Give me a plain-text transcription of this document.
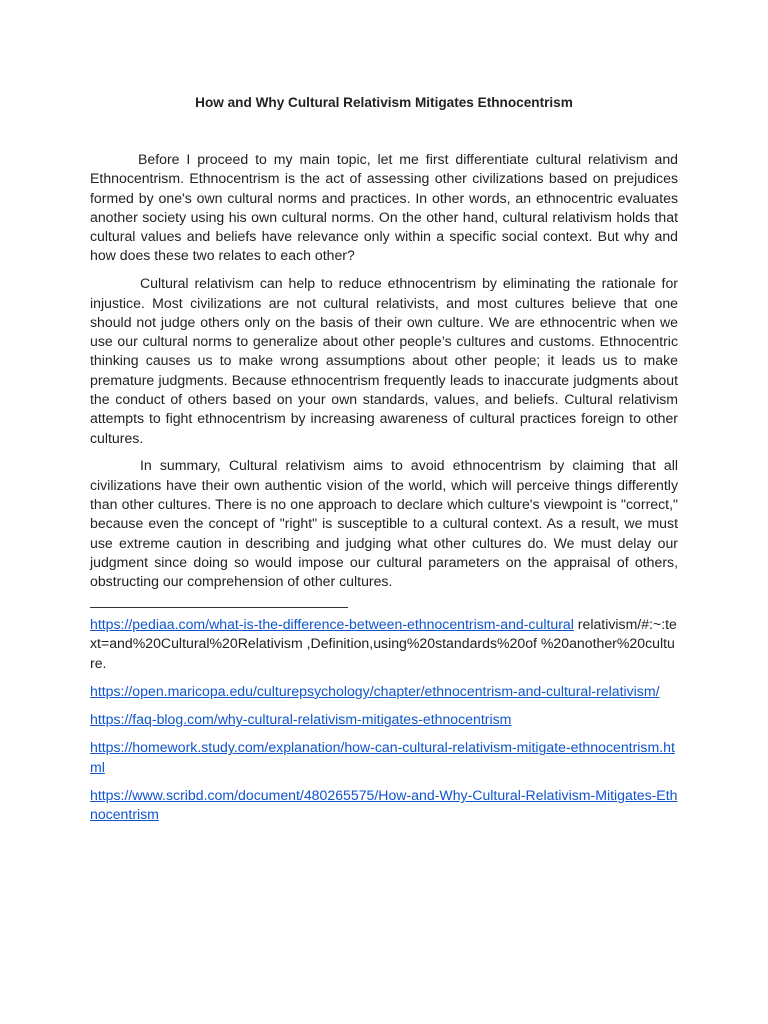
How and Why Cultural Relativism Mitigates Ethnocentrism

Before I proceed to my main topic, let me first differentiate cultural relativism and Ethnocentrism. Ethnocentrism is the act of assessing other civilizations based on prejudices formed by one's own cultural norms and practices. In other words, an ethnocentric evaluates another society using his own cultural norms. On the other hand, cultural relativism holds that cultural values and beliefs have relevance only within a specific social context. But why and how does these two relates to each other?

Cultural relativism can help to reduce ethnocentrism by eliminating the rationale for injustice. Most civilizations are not cultural relativists, and most cultures believe that one should not judge others only on the basis of their own culture. We are ethnocentric when we use our cultural norms to generalize about other people’s cultures and customs. Ethnocentric thinking causes us to make wrong assumptions about other people; it leads us to make premature judgments. Because ethnocentrism frequently leads to inaccurate judgments about the conduct of others based on your own standards, values, and beliefs. Cultural relativism attempts to fight ethnocentrism by increasing awareness of cultural practices foreign to other cultures.

In summary, Cultural relativism aims to avoid ethnocentrism by claiming that all civilizations have their own authentic vision of the world, which will perceive things differently than other cultures. There is no one approach to declare which culture's viewpoint is "correct," because even the concept of "right" is susceptible to a cultural context. As a result, we must use extreme caution in describing and judging what other cultures do. We must delay our judgment since doing so would impose our cultural parameters on the appraisal of others, obstructing our comprehension of other cultures.

https://pediaa.com/what-is-the-difference-between-ethnocentrism-and-cultural relativism/#:~:text=and%20Cultural%20Relativism ,Definition,using%20standards%20of %20another%20culture.
https://open.maricopa.edu/culturepsychology/chapter/ethnocentrism-and-cultural-relativism/
https://faq-blog.com/why-cultural-relativism-mitigates-ethnocentrism
https://homework.study.com/explanation/how-can-cultural-relativism-mitigate-ethnocentrism.html
https://www.scribd.com/document/480265575/How-and-Why-Cultural-Relativism-Mitigates-Ethnocentrism
